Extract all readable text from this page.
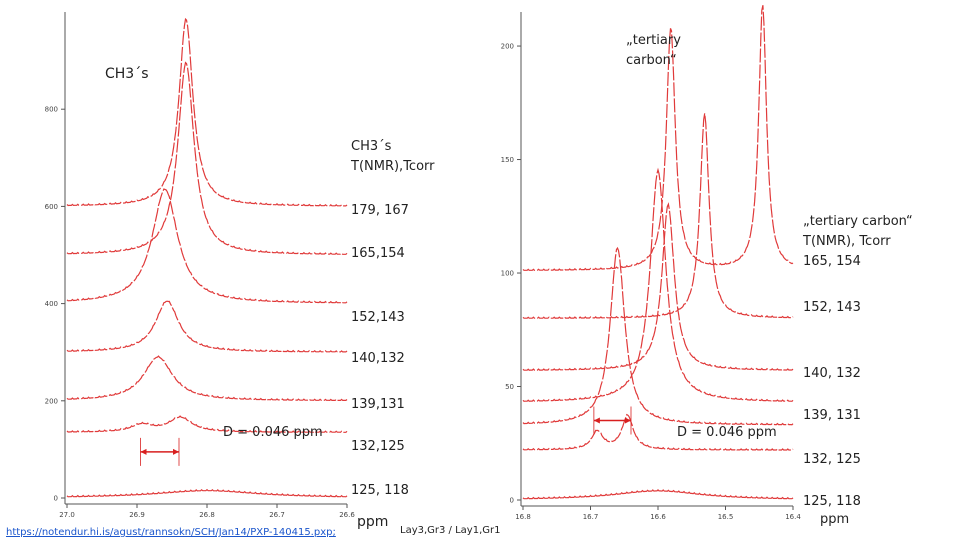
0
200
400
600
800
27.0	26.9	26.8	26.7	26.6
0
50
100
150
200
16.8	16.7	16.6	16.5	16.4
CH3´s
CH3´s
T(NMR),Tcorr
179, 167
165,154
152,143
140,132
139,131
132,125
125, 118
D = 0.046 ppm
ppm
„tertiary
carbon“
„tertiary carbon“
T(NMR), Tcorr
165, 154
152, 143
140, 132
139, 131
132, 125
125, 118
D = 0.046 ppm
ppm
https://notendur.hi.is/agust/rannsokn/SCH/Jan14/PXP-140415.pxp;	Lay3,Gr3 / Lay1,Gr1
